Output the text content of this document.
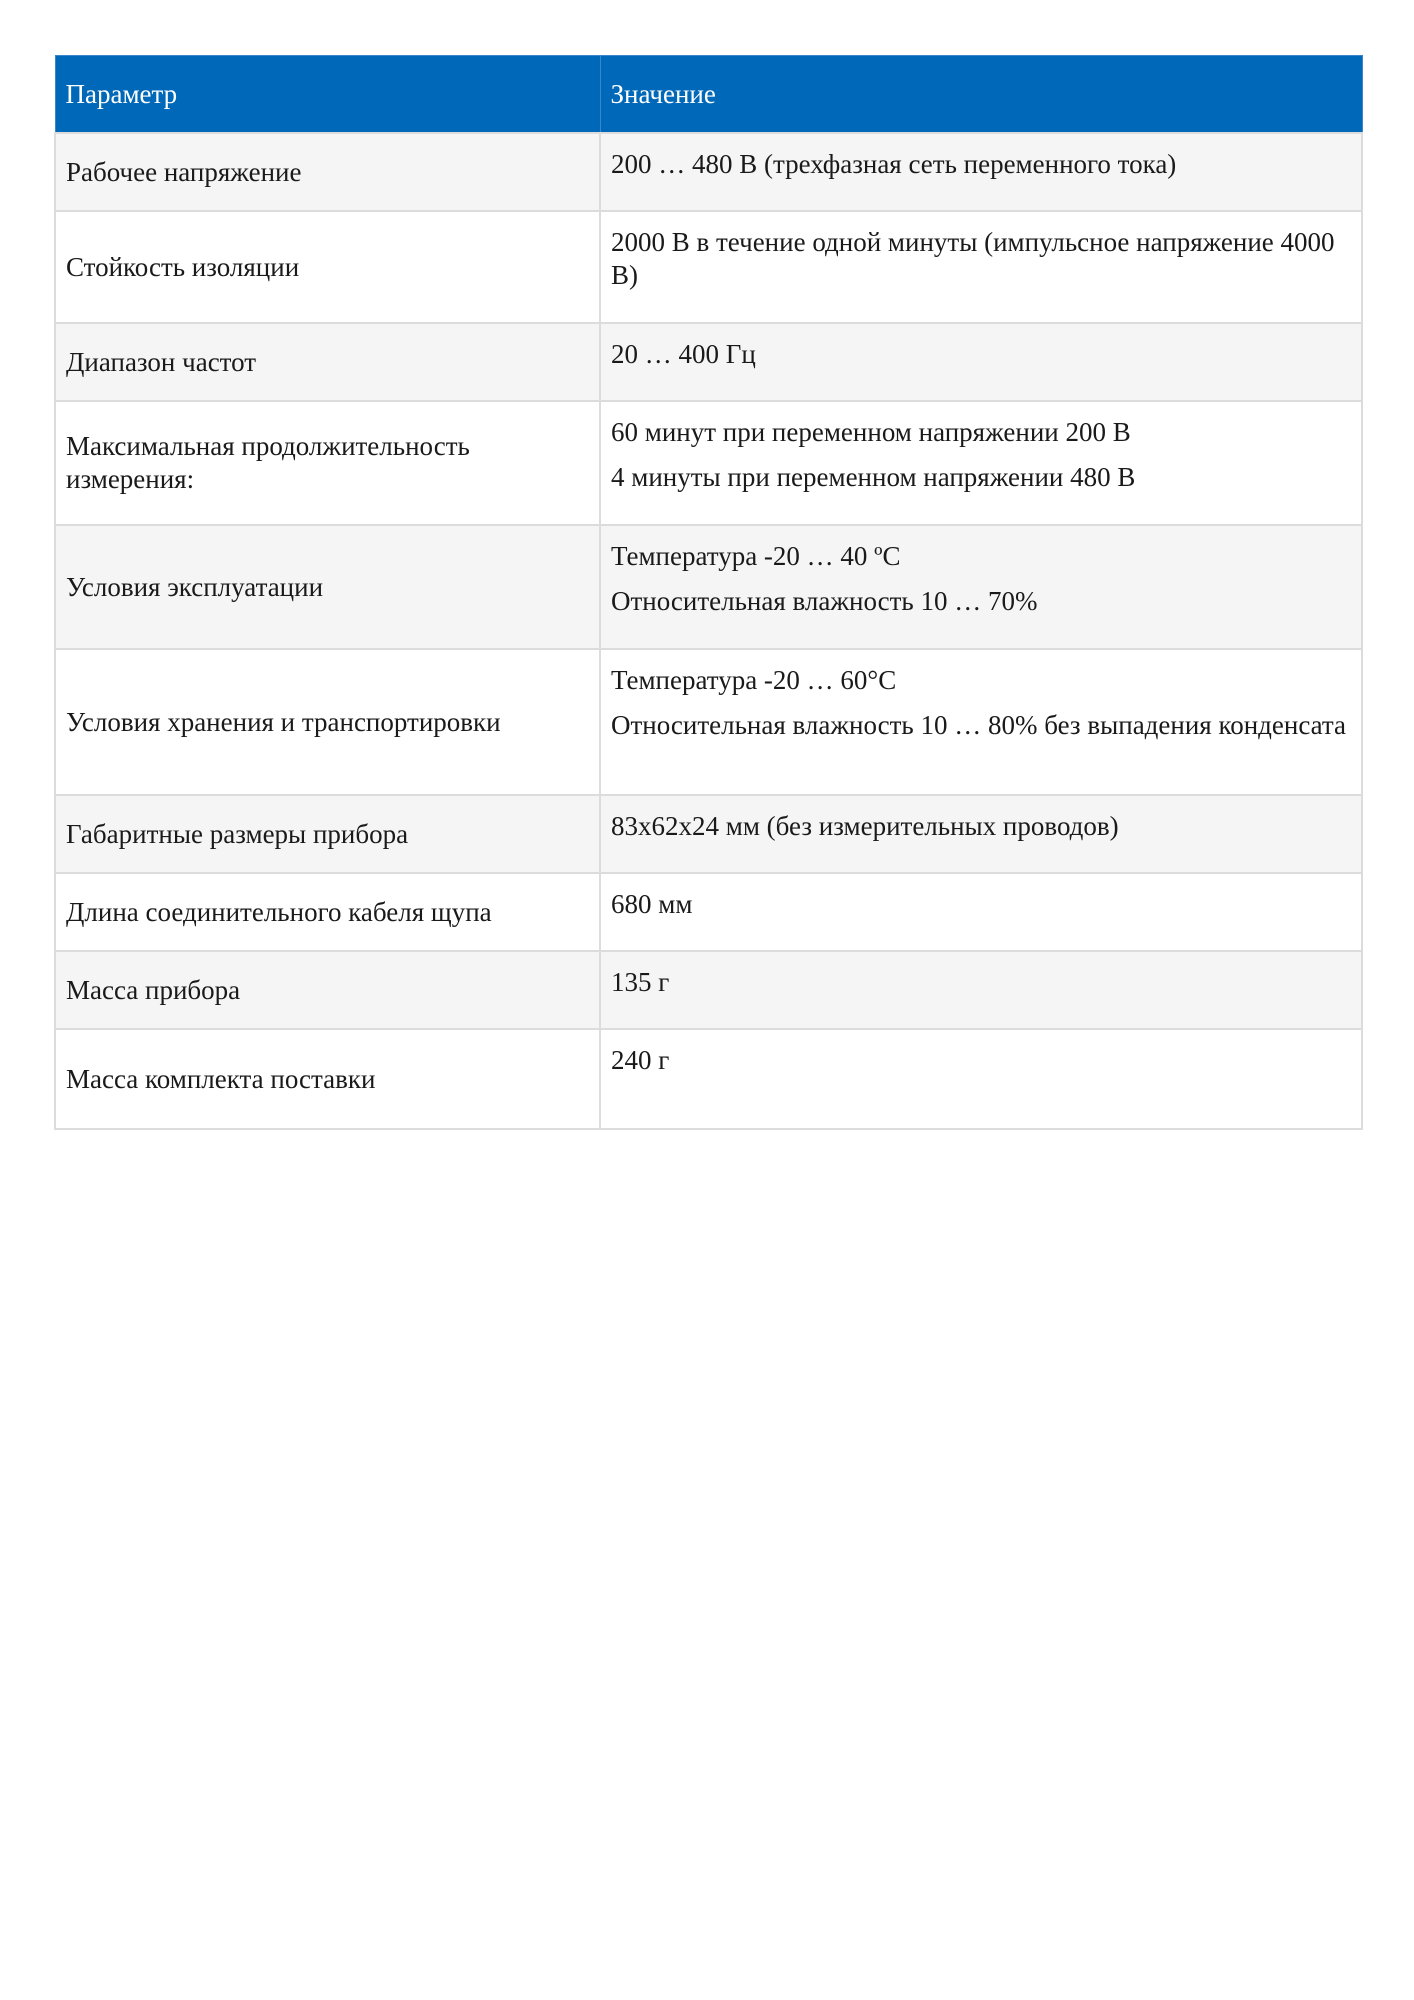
Параметр	Значение
Рабочее напряжение	200 … 480 В (трехфазная сеть переменного тока)

Стойкость изоляции	2000 В в течение одной минуты (импульсное напряжение 4000 В)

Диапазон частот	20 … 400 Гц

Максимальная продолжительность измерения:	60 минут при переменном напряжении 200 В

4 минуты при переменном напряжении 480 В

Условия эксплуатации	Температура -20 … 40 ºС

Относительная влажность 10 … 70%

Условия хранения и транспортировки	Температура -20 … 60°С

Относительная влажность 10 … 80% без выпадения конденсата

Габаритные размеры прибора	83x62x24 мм (без измерительных проводов)

Длина соединительного кабеля щупа	680 мм

Масса прибора	135 г

Масса комплекта поставки	240 г
